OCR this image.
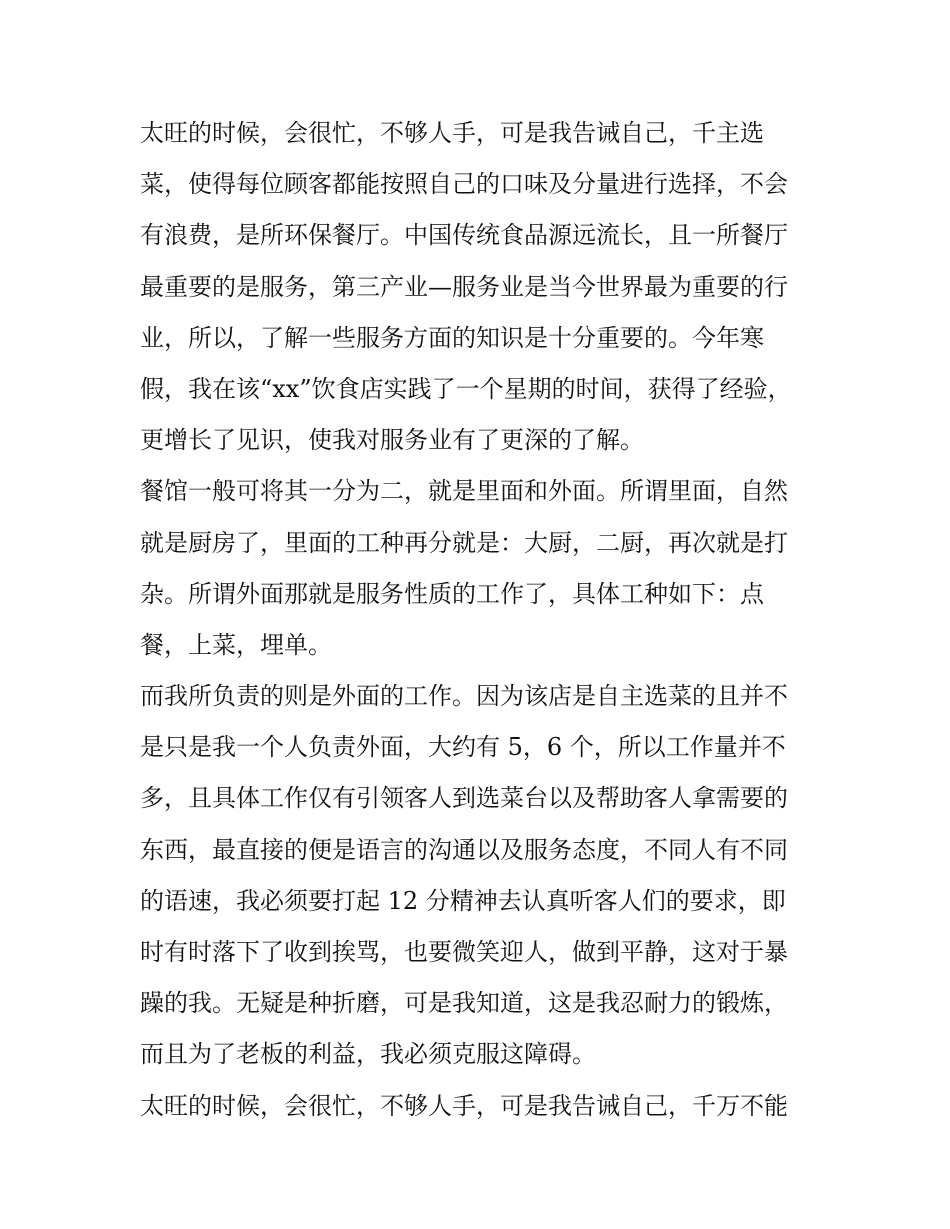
太旺的时候，会很忙，不够人手，可是我告诫自己，千主选
菜，使得每位顾客都能按照自己的口味及分量进行选择，不会
有浪费，是所环保餐厅。中国传统食品源远流长，且一所餐厅
最重要的是服务，第三产业—服务业是当今世界最为重要的行
业，所以，了解一些服务方面的知识是十分重要的。今年寒
假，我在该“xx”饮食店实践了一个星期的时间，获得了经验，
更增长了见识，使我对服务业有了更深的了解。
餐馆一般可将其一分为二，就是里面和外面。所谓里面，自然
就是厨房了，里面的工种再分就是：大厨，二厨，再次就是打
杂。所谓外面那就是服务性质的工作了，具体工种如下：点
餐，上菜，埋单。
而我所负责的则是外面的工作。因为该店是自主选菜的且并不
是只是我一个人负责外面，大约有 5，6 个，所以工作量并不
多，且具体工作仅有引领客人到选菜台以及帮助客人拿需要的
东西，最直接的便是语言的沟通以及服务态度，不同人有不同
的语速，我必须要打起 12 分精神去认真听客人们的要求，即
时有时落下了收到挨骂，也要微笑迎人，做到平静，这对于暴
躁的我。无疑是种折磨，可是我知道，这是我忍耐力的锻炼，
而且为了老板的利益，我必须克服这障碍。
太旺的时候，会很忙，不够人手，可是我告诫自己，千万不能
